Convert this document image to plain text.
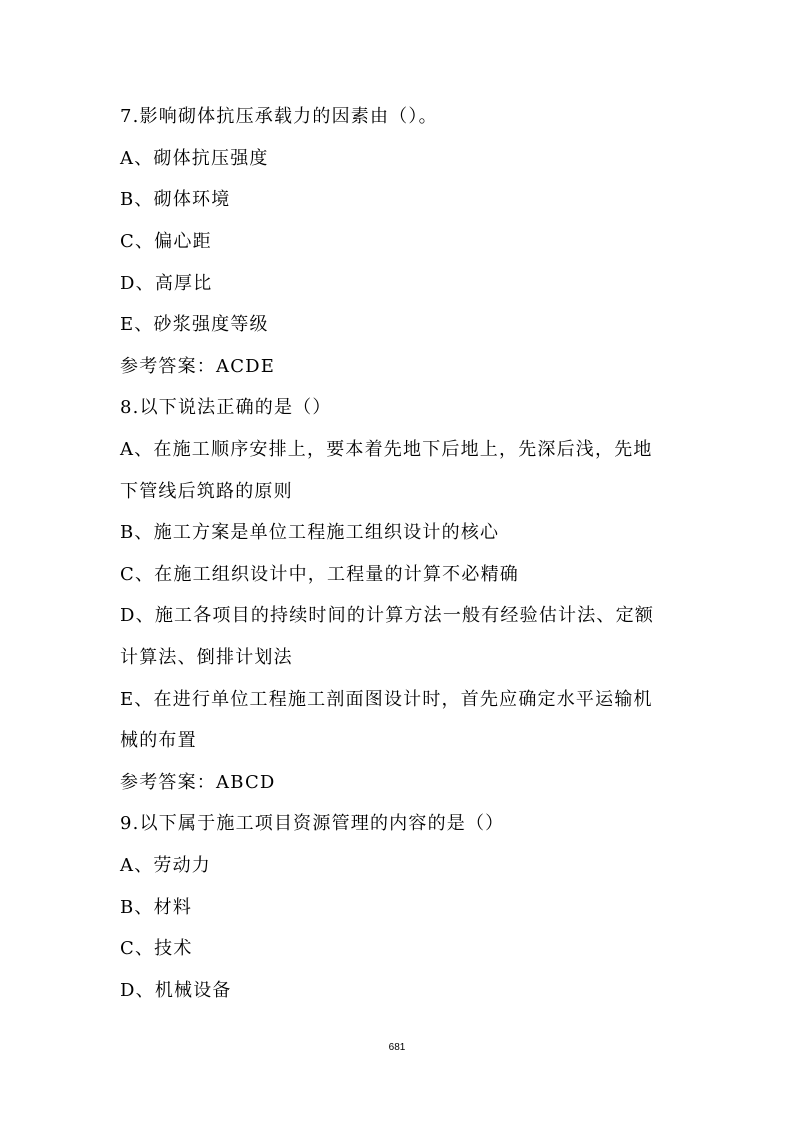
7.影响砌体抗压承载力的因素由（）。
A、砌体抗压强度
B、砌体环境
C、偏心距
D、高厚比
E、砂浆强度等级
参考答案：ACDE
8.以下说法正确的是（）
A、在施工顺序安排上，要本着先地下后地上，先深后浅，先地
下管线后筑路的原则
B、施工方案是单位工程施工组织设计的核心
C、在施工组织设计中，工程量的计算不必精确
D、施工各项目的持续时间的计算方法一般有经验估计法、定额
计算法、倒排计划法
E、在进行单位工程施工剖面图设计时，首先应确定水平运输机
械的布置
参考答案：ABCD
9.以下属于施工项目资源管理的内容的是（）
A、劳动力
B、材料
C、技术
D、机械设备
681
